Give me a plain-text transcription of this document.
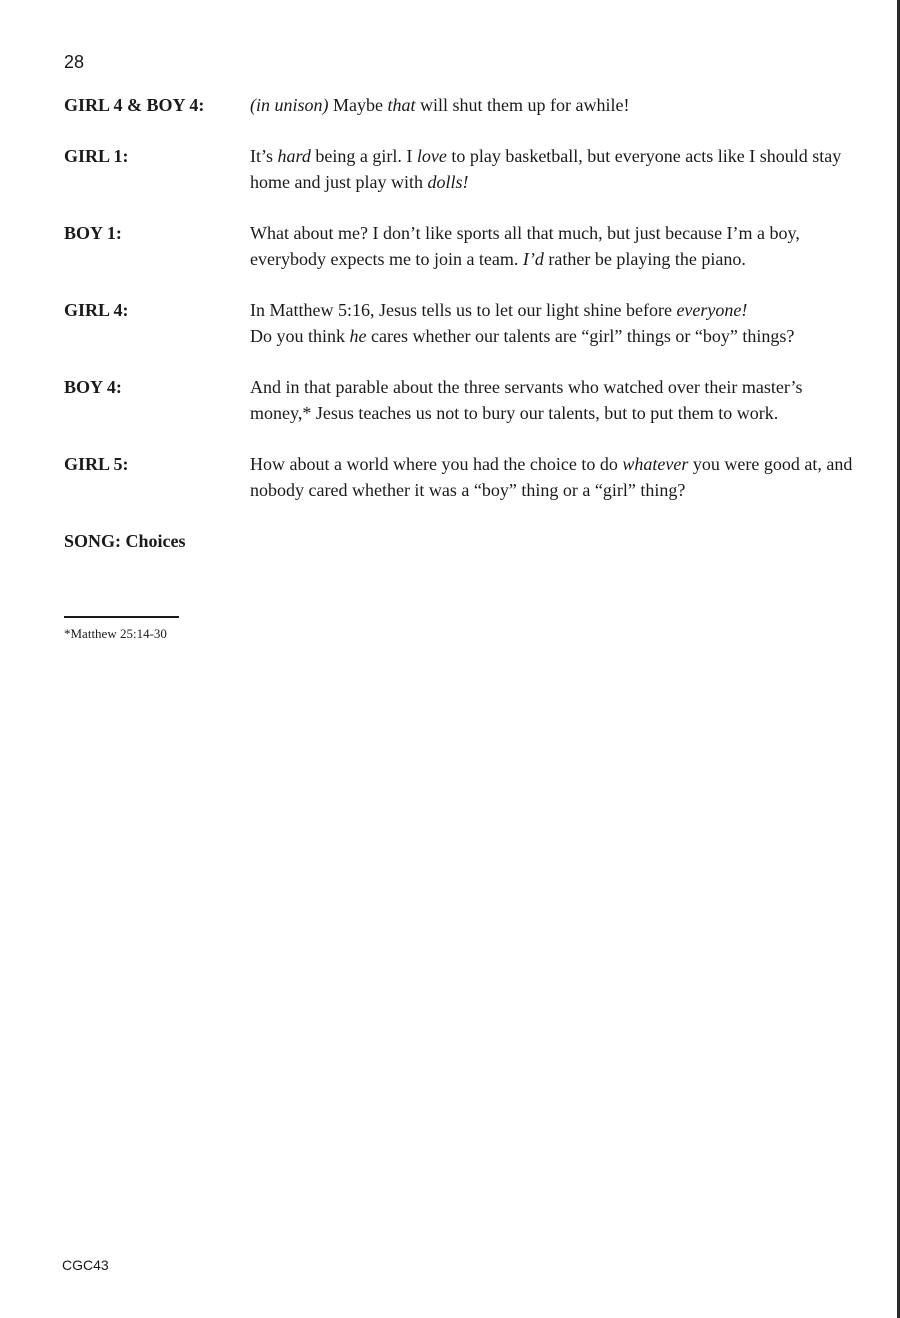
28
GIRL 4 & BOY 4:	(in unison) Maybe that will shut them up for awhile!
GIRL 1:	It’s hard being a girl. I love to play basketball, but everyone acts like I should stay home and just play with dolls!
BOY 1:	What about me? I don’t like sports all that much, but just because I’m a boy, everybody expects me to join a team. I’d rather be playing the piano.
GIRL 4:	In Matthew 5:16, Jesus tells us to let our light shine before everyone!
Do you think he cares whether our talents are “girl” things or “boy” things?
BOY 4:	And in that parable about the three servants who watched over their master’s money,* Jesus teaches us not to bury our talents, but to put them to work.
GIRL 5:	How about a world where you had the choice to do whatever you were good at, and nobody cared whether it was a “boy” thing or a “girl” thing?
SONG: Choices
*Matthew 25:14-30
CGC43
